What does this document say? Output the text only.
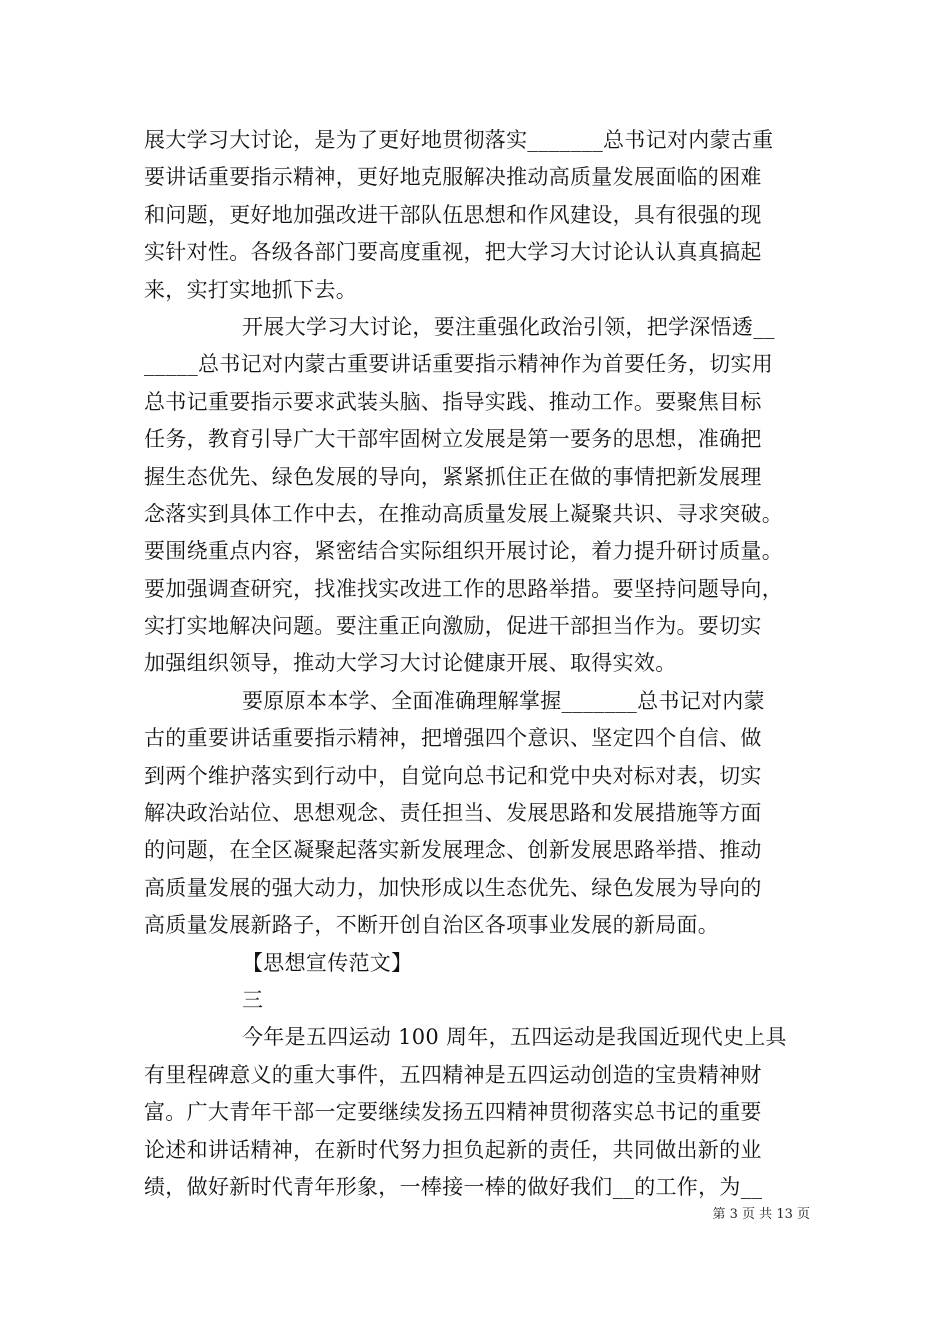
展大学习大讨论，是为了更好地贯彻落实_______总书记对内蒙古重
要讲话重要指示精神，更好地克服解决推动高质量发展面临的困难
和问题，更好地加强改进干部队伍思想和作风建设，具有很强的现
实针对性。各级各部门要高度重视，把大学习大讨论认认真真搞起
来，实打实地抓下去。
开展大学习大讨论，要注重强化政治引领，把学深悟透__
_____总书记对内蒙古重要讲话重要指示精神作为首要任务，切实用
总书记重要指示要求武装头脑、指导实践、推动工作。要聚焦目标
任务，教育引导广大干部牢固树立发展是第一要务的思想，准确把
握生态优先、绿色发展的导向，紧紧抓住正在做的事情把新发展理
念落实到具体工作中去，在推动高质量发展上凝聚共识、寻求突破。
要围绕重点内容，紧密结合实际组织开展讨论，着力提升研讨质量。
要加强调查研究，找准找实改进工作的思路举措。要坚持问题导向，
实打实地解决问题。要注重正向激励，促进干部担当作为。要切实
加强组织领导，推动大学习大讨论健康开展、取得实效。
要原原本本学、全面准确理解掌握_______总书记对内蒙
古的重要讲话重要指示精神，把增强四个意识、坚定四个自信、做
到两个维护落实到行动中，自觉向总书记和党中央对标对表，切实
解决政治站位、思想观念、责任担当、发展思路和发展措施等方面
的问题，在全区凝聚起落实新发展理念、创新发展思路举措、推动
高质量发展的强大动力，加快形成以生态优先、绿色发展为导向的
高质量发展新路子，不断开创自治区各项事业发展的新局面。
【思想宣传范文】
三
今年是五四运动 100 周年，五四运动是我国近现代史上具
有里程碑意义的重大事件，五四精神是五四运动创造的宝贵精神财
富。广大青年干部一定要继续发扬五四精神贯彻落实总书记的重要
论述和讲话精神，在新时代努力担负起新的责任，共同做出新的业
绩，做好新时代青年形象，一棒接一棒的做好我们__的工作，为__
第 3 页 共 13 页
